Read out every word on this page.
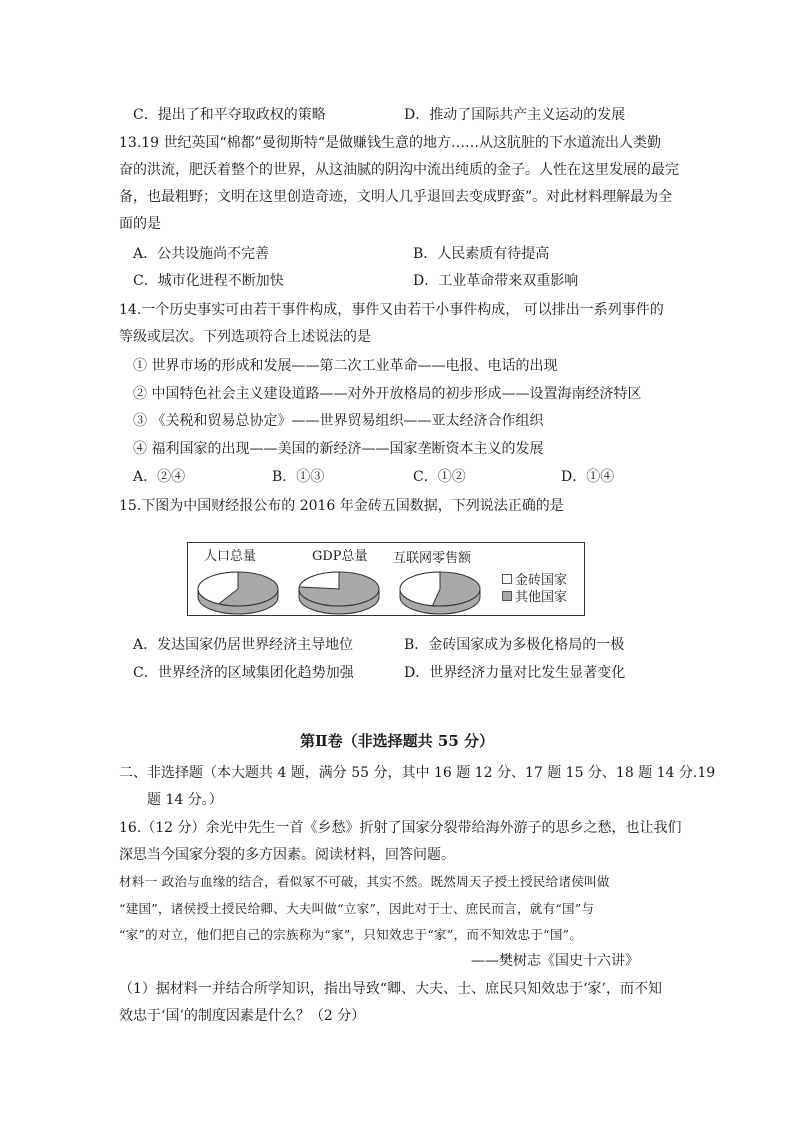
C．提出了和平夺取政权的策略	D．推动了国际共产主义运动的发展
13.19 世纪英国“棉都”曼彻斯特“是做赚钱生意的地方……从这肮脏的下水道流出人类勤
奋的洪流，肥沃着整个的世界，从这油腻的阴沟中流出纯质的金子。人性在这里发展的最完
备，也最粗野；文明在这里创造奇迹，文明人几乎退回去变成野蛮”。对此材料理解最为全
面的是
A．公共设施尚不完善	B．人民素质有待提高
C．城市化进程不断加快	D．工业革命带来双重影响
14.一个历史事实可由若干事件构成，事件又由若干小事件构成， 可以排出一系列事件的
等级或层次。下列选项符合上述说法的是
① 世界市场的形成和发展——第二次工业革命——电报、电话的出现
② 中国特色社会主义建设道路——对外开放格局的初步形成——设置海南经济特区
③ 《关税和贸易总协定》——世界贸易组织——亚太经济合作组织
④ 福利国家的出现——美国的新经济——国家垄断资本主义的发展
A．②④	B．①③	C．①②	D．①④
15.下图为中国财经报公布的 2016 年金砖五国数据，下列说法正确的是
人口总量	GDP总量 互联网零售额
金砖国家
其他国家
A．发达国家仍居世界经济主导地位	B．金砖国家成为多极化格局的一极
C．世界经济的区域集团化趋势加强	D．世界经济力量对比发生显著变化
第Ⅱ卷（非选择题共 55 分）
二、非选择题（本大题共 4 题，满分 55 分，其中 16 题 12 分、17 题 15 分、18 题 14 分.19
题 14 分。）
16.（12 分）余光中先生一首《乡愁》折射了国家分裂带给海外游子的思乡之愁，也让我们
深思当今国家分裂的多方因素。阅读材料，回答问题。
材料一 政治与血缘的结合，看似冢不可破，其实不然。既然周天子授土授民给诸侯叫做
“建国”，诸侯授土授民给卿、大夫叫做“立家”，因此对于士、庶民而言，就有“国”与
“家”的对立，他们把自己的宗族称为“家”，只知效忠于“家”，而不知效忠于“国”。
——樊树志《国史十六讲》
（1）据材料一并结合所学知识，指出导致“卿、大夫、士、庶民只知效忠于‘家’，而不知
效忠于‘国’的制度因素是什么？（2 分）
